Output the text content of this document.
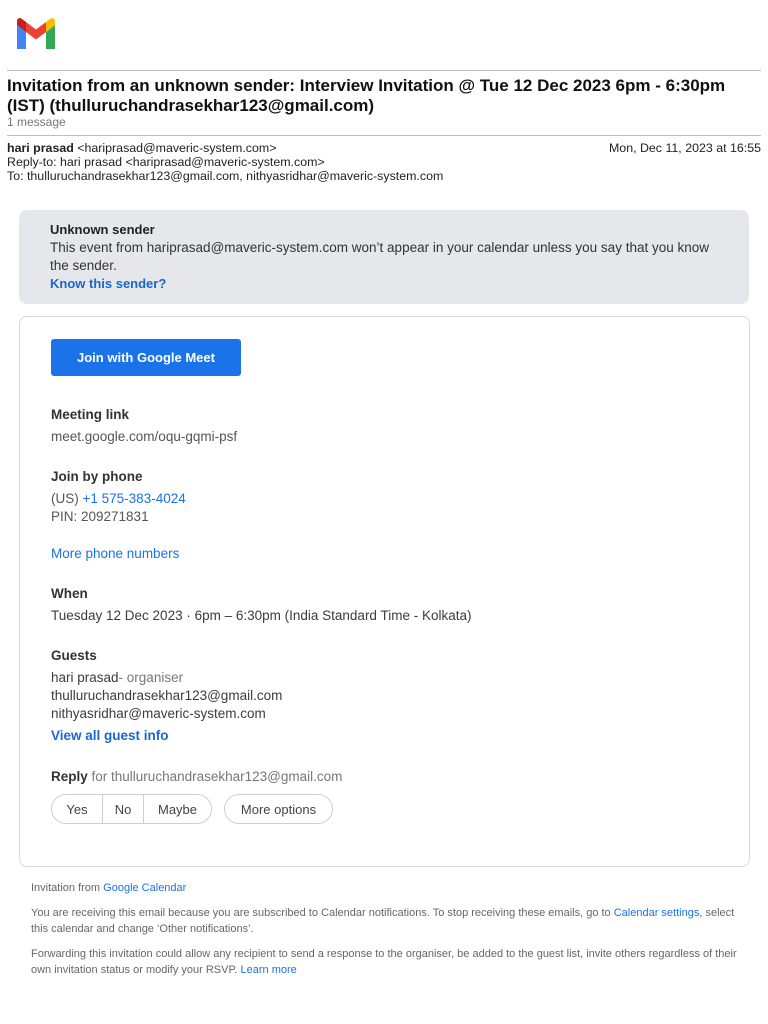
Invitation from an unknown sender: Interview Invitation @ Tue 12 Dec 2023 6pm - 6:30pm (IST) (thulluruchandrasekhar123@gmail.com)
1 message
hari prasad <hariprasad@maveric-system.com>	Mon, Dec 11, 2023 at 16:55
Reply-to: hari prasad <hariprasad@maveric-system.com>
To: thulluruchandrasekhar123@gmail.com, nithyasridhar@maveric-system.com
Unknown sender
This event from hariprasad@maveric-system.com won’t appear in your calendar unless you say that you know the sender.
Know this sender?
Join with Google Meet
Meeting link
meet.google.com/oqu-gqmi-psf
Join by phone
(US) +1 575-383-4024
PIN: 209271831
More phone numbers
When
Tuesday 12 Dec 2023 · 6pm – 6:30pm (India Standard Time - Kolkata)
Guests
hari prasad- organiser
thulluruchandrasekhar123@gmail.com
nithyasridhar@maveric-system.com
View all guest info
Reply for thulluruchandrasekhar123@gmail.com
Yes	No	Maybe	More options
Invitation from Google Calendar
You are receiving this email because you are subscribed to Calendar notifications. To stop receiving these emails, go to Calendar settings, select this calendar and change ‘Other notifications’.
Forwarding this invitation could allow any recipient to send a response to the organiser, be added to the guest list, invite others regardless of their own invitation status or modify your RSVP. Learn more
